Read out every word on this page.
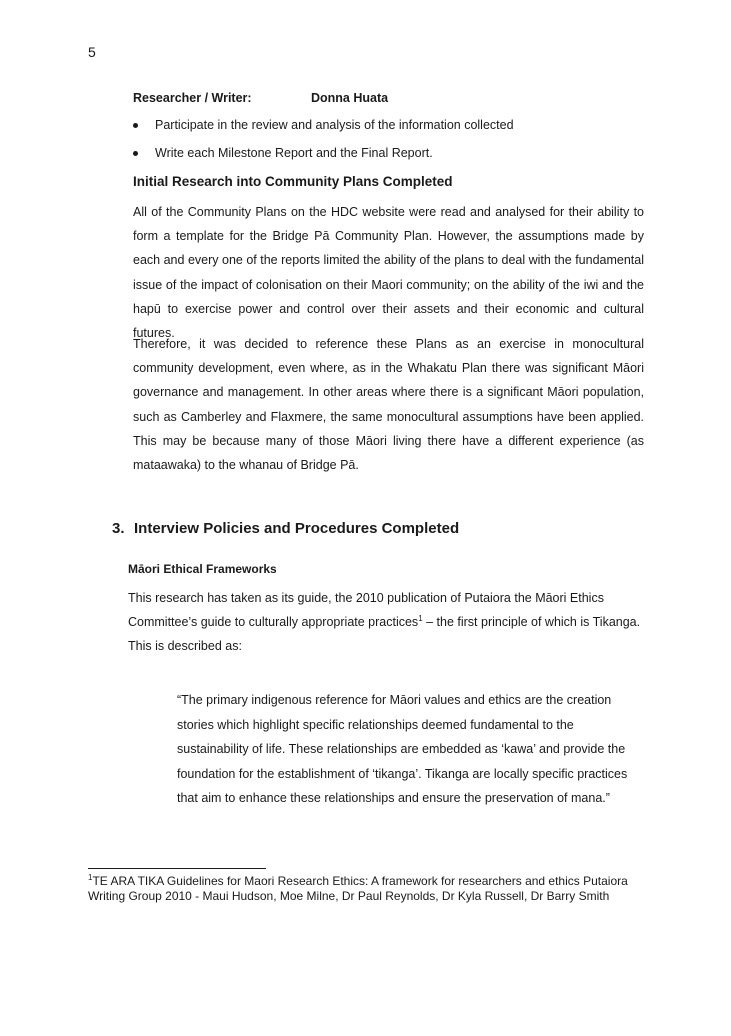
5
Researcher / Writer:	Donna Huata
Participate in the review and analysis of the information collected
Write each Milestone Report and the Final Report.
Initial Research into Community Plans Completed

All of the Community Plans on the HDC website were read and analysed for their ability to form a template for the Bridge Pā Community Plan. However, the assumptions made by each and every one of the reports limited the ability of the plans to deal with the fundamental issue of the impact of colonisation on their Maori community; on the ability of the iwi and the hapū to exercise power and control over their assets and their economic and cultural futures.

Therefore, it was decided to reference these Plans as an exercise in monocultural community development, even where, as in the Whakatu Plan there was significant Māori governance and management. In other areas where there is a significant Māori population, such as Camberley and Flaxmere, the same monocultural assumptions have been applied. This may be because many of those Māori living there have a different experience (as mataawaka) to the whanau of Bridge Pā.

3. Interview Policies and Procedures Completed
Māori Ethical Frameworks

This research has taken as its guide, the 2010 publication of Putaiora the Māori Ethics Committee’s guide to culturally appropriate practices$^1$ – the first principle of which is Tikanga. This is described as:

“The primary indigenous reference for Māori values and ethics are the creation stories which highlight specific relationships deemed fundamental to the sustainability of life. These relationships are embedded as ‘kawa’ and provide the foundation for the establishment of ‘tikanga’. Tikanga are locally specific practices that aim to enhance these relationships and ensure the preservation of mana.”

$^1$TE ARA TIKA Guidelines for Maori Research Ethics: A framework for researchers and ethics Putaiora Writing Group 2010 - Maui Hudson, Moe Milne, Dr Paul Reynolds, Dr Kyla Russell, Dr Barry Smith
